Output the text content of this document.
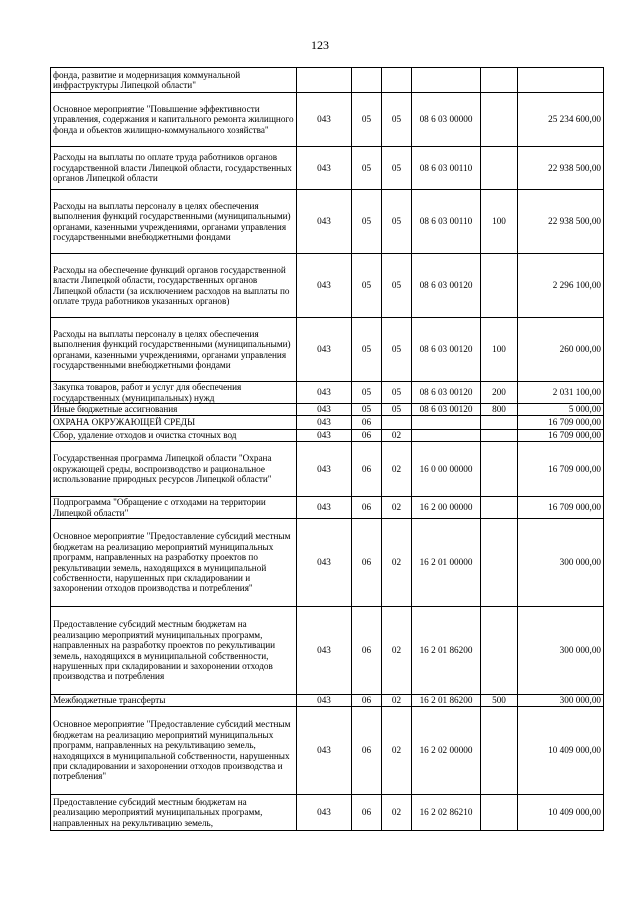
123
фонда, развитие и модернизация коммунальной инфраструктуры Липецкой области"						
Основное мероприятие "Повышение эффективности управления, содержания и капитального ремонта жилищного фонда и объектов жилищно-коммунального хозяйства"	043	05	05	08 6 03 00000		25 234 600,00
Расходы на выплаты по оплате труда работников органов государственной власти Липецкой области, государственных органов Липецкой области	043	05	05	08 6 03 00110		22 938 500,00
Расходы на выплаты персоналу в целях обеспечения выполнения функций государственными (муниципальными) органами, казенными учреждениями, органами управления государственными внебюджетными фондами	043	05	05	08 6 03 00110	100	22 938 500,00
Расходы на обеспечение функций органов государственной власти Липецкой области, государственных органов Липецкой области (за исключением расходов на выплаты по оплате труда работников указанных органов)	043	05	05	08 6 03 00120		2 296 100,00
Расходы на выплаты персоналу в целях обеспечения выполнения функций государственными (муниципальными) органами, казенными учреждениями, органами управления государственными внебюджетными фондами	043	05	05	08 6 03 00120	100	260 000,00
Закупка товаров, работ и услуг для обеспечения государственных (муниципальных) нужд	043	05	05	08 6 03 00120	200	2 031 100,00
Иные бюджетные ассигнования	043	05	05	08 6 03 00120	800	5 000,00
ОХРАНА ОКРУЖАЮЩЕЙ СРЕДЫ	043	06				16 709 000,00
Сбор, удаление отходов и очистка сточных вод	043	06	02			16 709 000,00
Государственная программа Липецкой области "Охрана окружающей среды, воспроизводство и рациональное использование природных ресурсов Липецкой области"	043	06	02	16 0 00 00000		16 709 000,00
Подпрограмма "Обращение с отходами на территории Липецкой области"	043	06	02	16 2 00 00000		16 709 000,00
Основное мероприятие "Предоставление субсидий местным бюджетам на реализацию мероприятий муниципальных программ, направленных на разработку проектов по рекультивации земель, находящихся в муниципальной собственности, нарушенных при складировании и захоронении отходов производства и потребления"	043	06	02	16 2 01 00000		300 000,00
Предоставление субсидий местным бюджетам на реализацию мероприятий муниципальных программ, направленных на разработку проектов по рекультивации земель, находящихся в муниципальной собственности, нарушенных при складировании и захоронении отходов производства и потребления	043	06	02	16 2 01 86200		300 000,00
Межбюджетные трансферты	043	06	02	16 2 01 86200	500	300 000,00
Основное мероприятие "Предоставление субсидий местным бюджетам на реализацию мероприятий муниципальных программ, направленных на рекультивацию земель, находящихся в муниципальной собственности, нарушенных при складировании и захоронении отходов производства и потребления"	043	06	02	16 2 02 00000		10 409 000,00
Предоставление субсидий местным бюджетам на реализацию мероприятий муниципальных программ, направленных на рекультивацию земель,	043	06	02	16 2 02 86210		10 409 000,00
